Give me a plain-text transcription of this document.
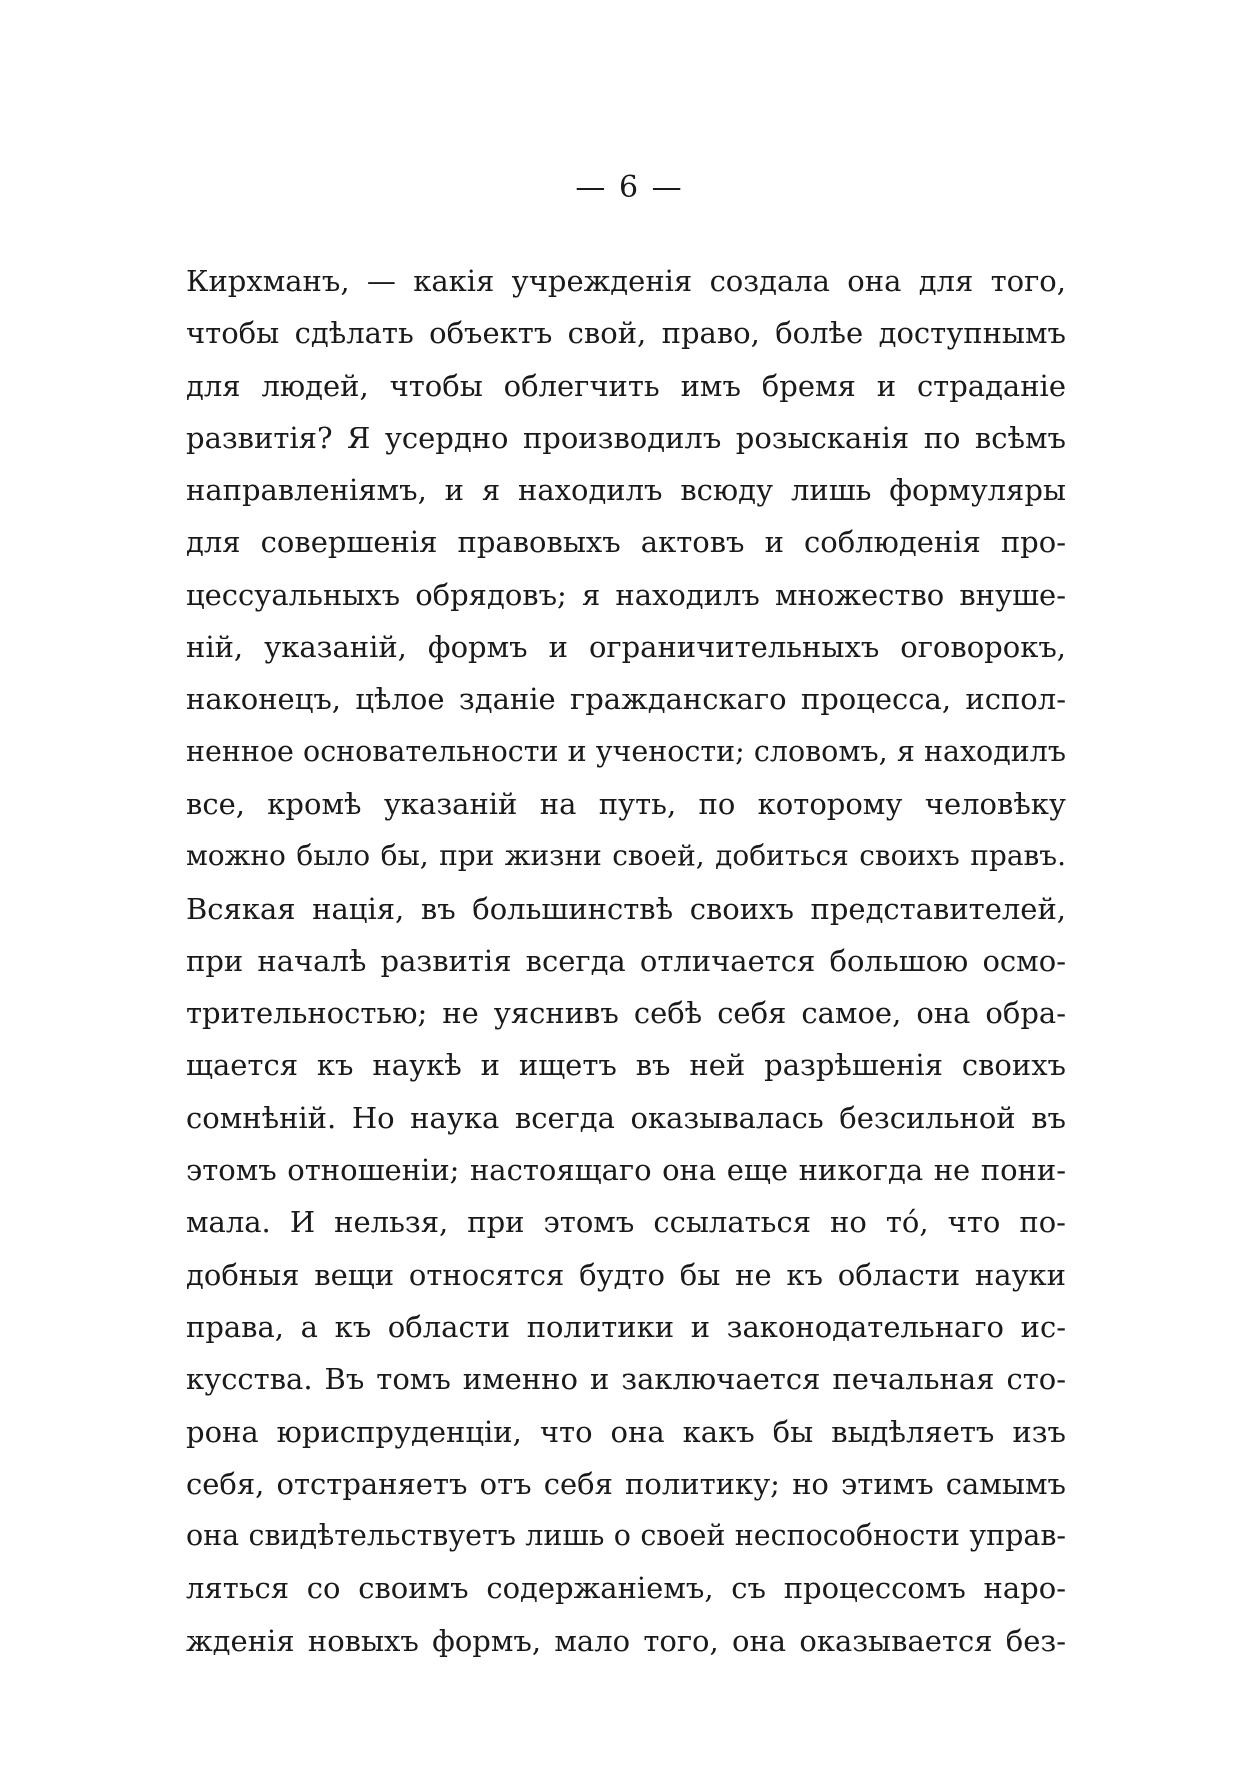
— 6 —
Кирхманъ, — какія учрежденія создала она для того,
чтобы сдѣлать объектъ свой, право, болѣе доступнымъ
для людей, чтобы облегчить имъ бремя и страданіе
развитія? Я усердно производилъ розысканія по всѣмъ
направленіямъ, и я находилъ всюду лишь формуляры
для совершенія правовыхъ актовъ и соблюденія про-
цессуальныхъ обрядовъ; я находилъ множество внуше-
ній, указаній, формъ и ограничительныхъ оговорокъ,
наконецъ, цѣлое зданіе гражданскаго процесса, испол-
ненное основательности и учености; словомъ, я находилъ
все, кромѣ указаній на путь, по которому человѣку
можно было бы, при жизни своей, добиться своихъ правъ.
Всякая нація, въ большинствѣ своихъ представителей,
при началѣ развитія всегда отличается большою осмо-
трительностью; не уяснивъ себѣ себя самое, она обра-
щается къ наукѣ и ищетъ въ ней разрѣшенія своихъ
сомнѣній. Но наука всегда оказывалась безсильной въ
этомъ отношеніи; настоящаго она еще никогда не пони-
мала. И нельзя, при этомъ ссылаться но тó, что по-
добныя вещи относятся будто бы не къ области науки
права, а къ области политики и законодательнаго ис-
кусства. Въ томъ именно и заключается печальная сто-
рона юриспруденціи, что она какъ бы выдѣляетъ изъ
себя, отстраняетъ отъ себя политику; но этимъ самымъ
она свидѣтельствуетъ лишь о своей неспособности управ-
ляться со своимъ содержаніемъ, съ процессомъ наро-
жденія новыхъ формъ, мало того, она оказывается без-
